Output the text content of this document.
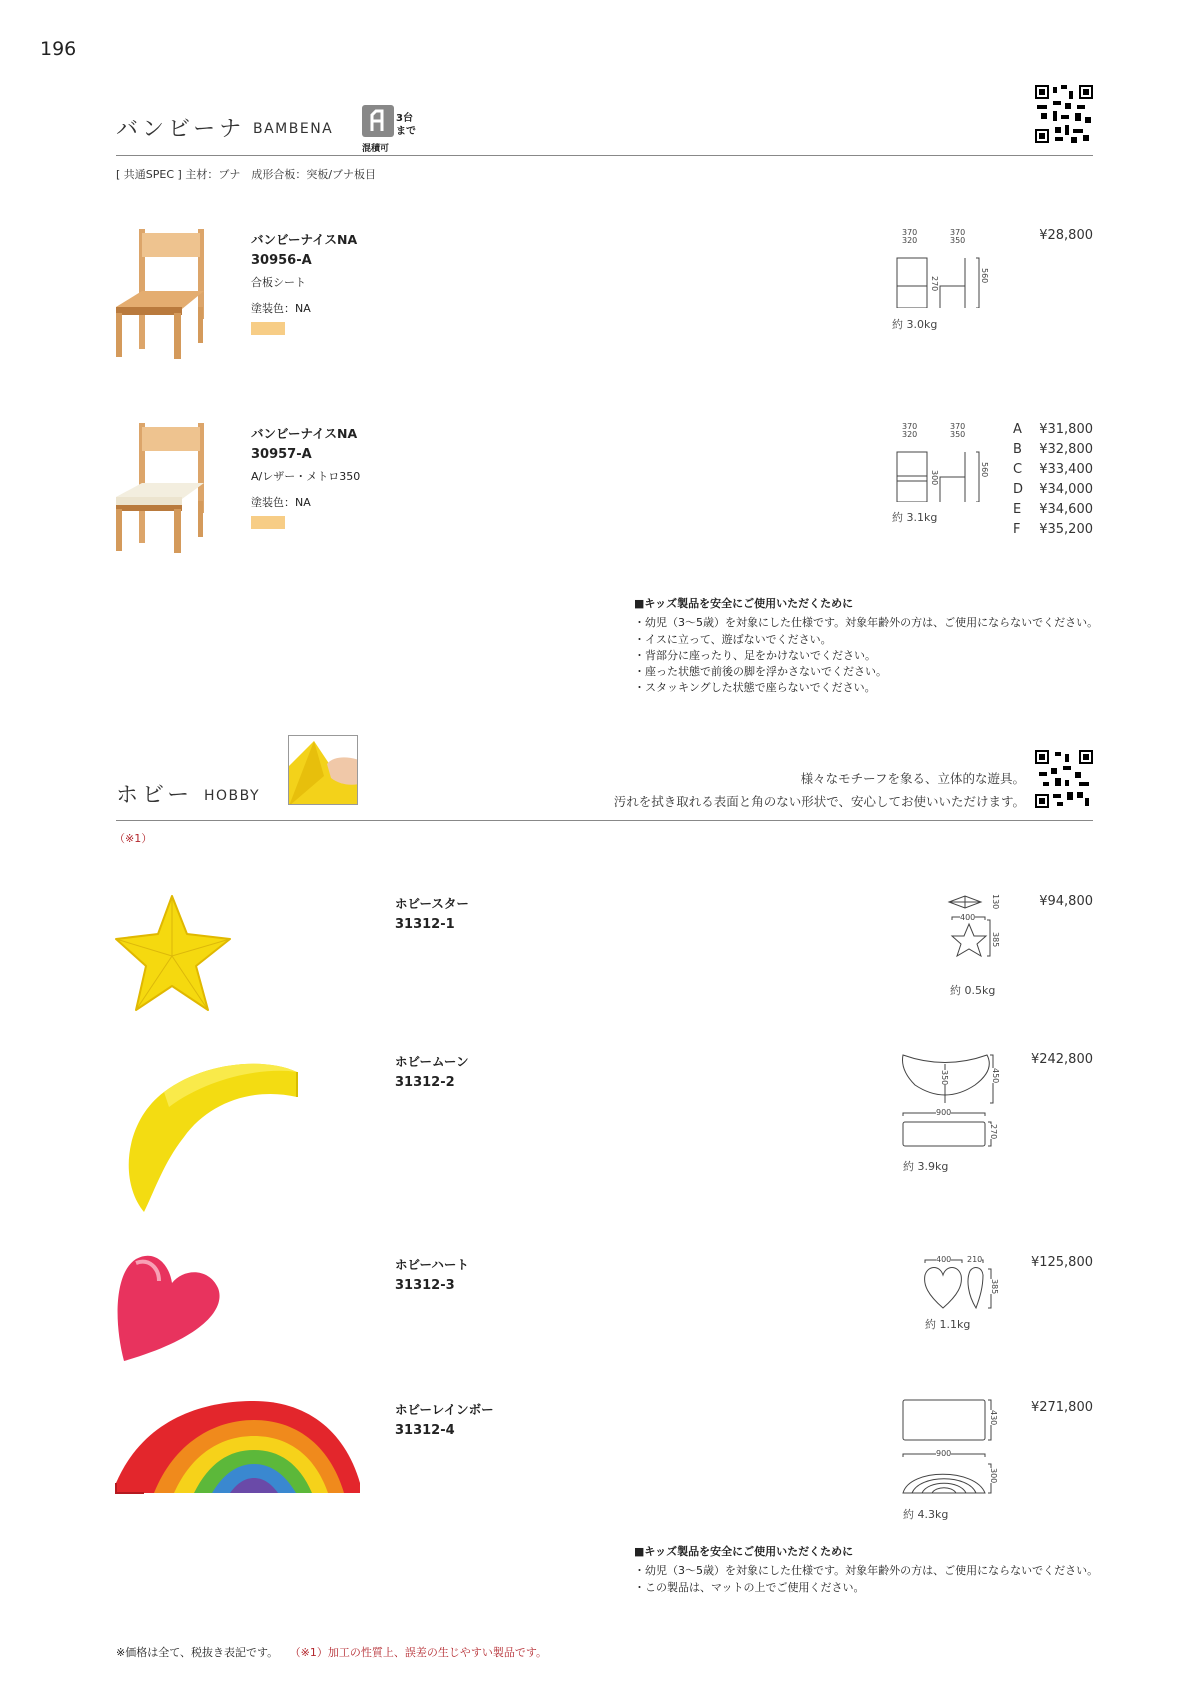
196
バンビーナ BAMBENA
3台
まで
混積可
[ 共通SPEC ] 主材：ブナ　成形合板：突板/ブナ板目
バンビーナイスNA
30956-A
合板シート
塗装色：NA
370
320
370
350
270
560
約 3.0kg
¥28,800
バンビーナイスNA
30957-A
A/レザー・メトロ350
塗装色：NA
370
320
370
350
300
560
約 3.1kg
A	¥31,800
B	¥32,800
C	¥33,400
D	¥34,000
E	¥34,600
F	¥35,200
■キッズ製品を安全にご使用いただくために
・幼児（3～5歳）を対象にした仕様です。対象年齢外の方は、ご使用にならないでください。
・イスに立って、遊ばないでください。
・背部分に座ったり、足をかけないでください。
・座った状態で前後の脚を浮かさないでください。
・スタッキングした状態で座らないでください。
ホビー HOBBY
様々なモチーフを象る、立体的な遊具。
汚れを拭き取れる表面と角のない形状で、安心してお使いいただけます。
（※1）
ホビースター
31312-1
130
400
385
約 0.5kg
¥94,800
ホビームーン
31312-2	350	450
900
270
約 3.9kg
¥242,800
ホビーハート
31312-3
400 210
385
約 1.1kg
¥125,800
ホビーレインボー
31312-4
430
900
300
約 4.3kg
¥271,800
■キッズ製品を安全にご使用いただくために
・幼児（3～5歳）を対象にした仕様です。対象年齢外の方は、ご使用にならないでください。
・この製品は、マットの上でご使用ください。
※価格は全て、税抜き表記です。 （※1）加工の性質上、誤差の生じやすい製品です。
